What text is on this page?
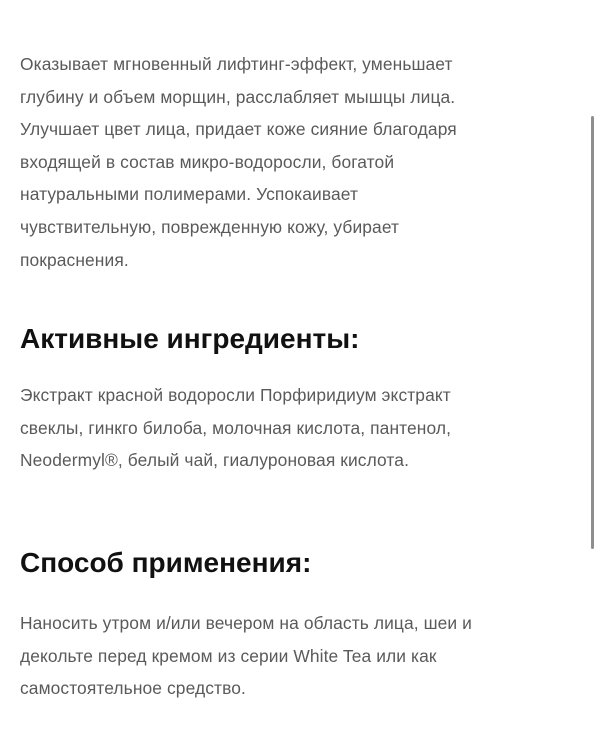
Оказывает мгновенный лифтинг-эффект, уменьшает
глубину и объем морщин, расслабляет мышцы лица.
Улучшает цвет лица, придает коже сияние благодаря
входящей в состав микро-водоросли, богатой
натуральными полимерами. Успокаивает
чувствительную, поврежденную кожу, убирает
покраснения.

Активные ингредиенты:

Экстракт красной водоросли Порфиридиум экстракт
свеклы, гинкго билоба, молочная кислота, пантенол,
Neodermyl®, белый чай, гиалуроновая кислота.

Способ применения:

Наносить утром и/или вечером на область лица, шеи и
декольте перед кремом из серии White Tea или как
самостоятельное средство.
